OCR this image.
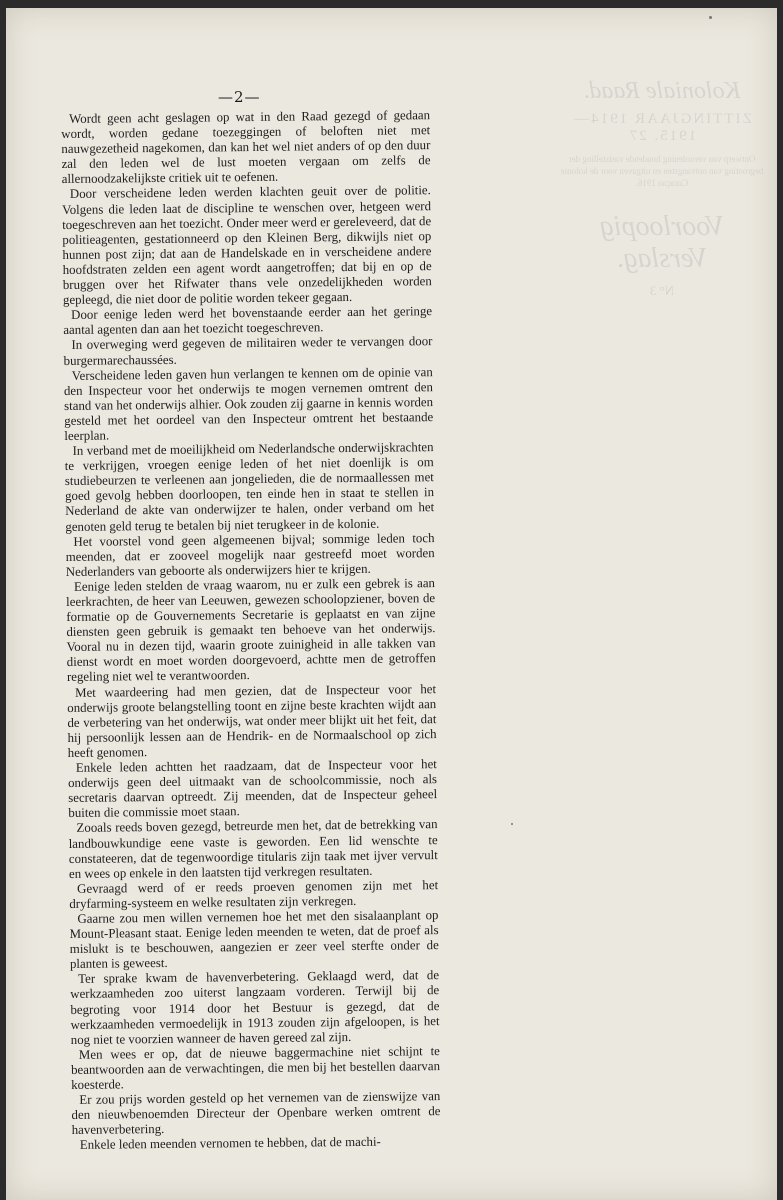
Koloniale Raad.
ZITTINGJAAR 1914—1915. 27
Ontwerp van verordening houdende vaststelling der begrooting van ontvangsten en uitgaven voor de kolonie Curaçao 1916.
Voorloopig Verslag.
N° 3
—2—

Wordt geen acht geslagen op wat in den Raad gezegd of gedaan wordt, worden gedane toezeggingen of beloften niet met nauwgezetheid nagekomen, dan kan het wel niet anders of op den duur zal den leden wel de lust moeten vergaan om zelfs de allernoodzakelijkste critiek uit te oefenen.

Door verscheidene leden werden klachten geuit over de politie. Volgens die leden laat de discipline te wenschen over, hetgeen werd toegeschreven aan het toezicht. Onder meer werd er gereleveerd, dat de politieagenten, gestationneerd op den Kleinen Berg, dikwijls niet op hunnen post zijn; dat aan de Handelskade en in verscheidene andere hoofdstraten zelden een agent wordt aangetroffen; dat bij en op de bruggen over het Rifwater thans vele onzedelijkheden worden gepleegd, die niet door de politie worden tekeer gegaan.

Door eenige leden werd het bovenstaande eerder aan het geringe aantal agenten dan aan het toezicht toegeschreven.

In overweging werd gegeven de militairen weder te vervangen door burgermarechaussées.

Verscheidene leden gaven hun verlangen te kennen om de opinie van den Inspecteur voor het onderwijs te mogen vernemen omtrent den stand van het onderwijs alhier. Ook zouden zij gaarne in kennis worden gesteld met het oordeel van den Inspecteur omtrent het bestaande leerplan.

In verband met de moeilijkheid om Nederlandsche onderwijskrachten te verkrijgen, vroegen eenige leden of het niet doenlijk is om studiebeurzen te verleenen aan jongelieden, die de normaallessen met goed gevolg hebben doorloopen, ten einde hen in staat te stellen in Nederland de akte van onderwijzer te halen, onder verband om het genoten geld terug te betalen bij niet terugkeer in de kolonie.

Het voorstel vond geen algemeenen bijval; sommige leden toch meenden, dat er zooveel mogelijk naar gestreefd moet worden Nederlanders van geboorte als onderwijzers hier te krijgen.

Eenige leden stelden de vraag waarom, nu er zulk een gebrek is aan leerkrachten, de heer van Leeuwen, gewezen schoolopziener, boven de formatie op de Gouvernements Secretarie is geplaatst en van zijne diensten geen gebruik is gemaakt ten behoeve van het onderwijs. Vooral nu in dezen tijd, waarin groote zuinigheid in alle takken van dienst wordt en moet worden doorgevoerd, achtte men de getroffen regeling niet wel te verantwoorden.

Met waardeering had men gezien, dat de Inspecteur voor het onderwijs groote belangstelling toont en zijne beste krachten wijdt aan de verbetering van het onderwijs, wat onder meer blijkt uit het feit, dat hij persoonlijk lessen aan de Hendrik- en de Normaalschool op zich heeft genomen.

Enkele leden achtten het raadzaam, dat de Inspecteur voor het onderwijs geen deel uitmaakt van de schoolcommissie, noch als secretaris daarvan optreedt. Zij meenden, dat de Inspecteur geheel buiten die commissie moet staan.

Zooals reeds boven gezegd, betreurde men het, dat de betrekking van landbouwkundige eene vaste is geworden. Een lid wenschte te constateeren, dat de tegenwoordige titularis zijn taak met ijver vervult en wees op enkele in den laatsten tijd verkregen resultaten.

Gevraagd werd of er reeds proeven genomen zijn met het dryfarming-systeem en welke resultaten zijn verkregen.

Gaarne zou men willen vernemen hoe het met den sisalaanplant op Mount-Pleasant staat. Eenige leden meenden te weten, dat de proef als mislukt is te beschouwen, aangezien er zeer veel sterfte onder de planten is geweest.

Ter sprake kwam de havenverbetering. Geklaagd werd, dat de werkzaamheden zoo uiterst langzaam vorderen. Terwijl bij de begroting voor 1914 door het Bestuur is gezegd, dat de werkzaamheden vermoedelijk in 1913 zouden zijn afgeloopen, is het nog niet te voorzien wanneer de haven gereed zal zijn.

Men wees er op, dat de nieuwe baggermachine niet schijnt te beantwoorden aan de verwachtingen, die men bij het bestellen daarvan koesterde.

Er zou prijs worden gesteld op het vernemen van de zienswijze van den nieuwbenoemden Directeur der Openbare werken omtrent de havenverbetering.

Enkele leden meenden vernomen te hebben, dat de machi-
